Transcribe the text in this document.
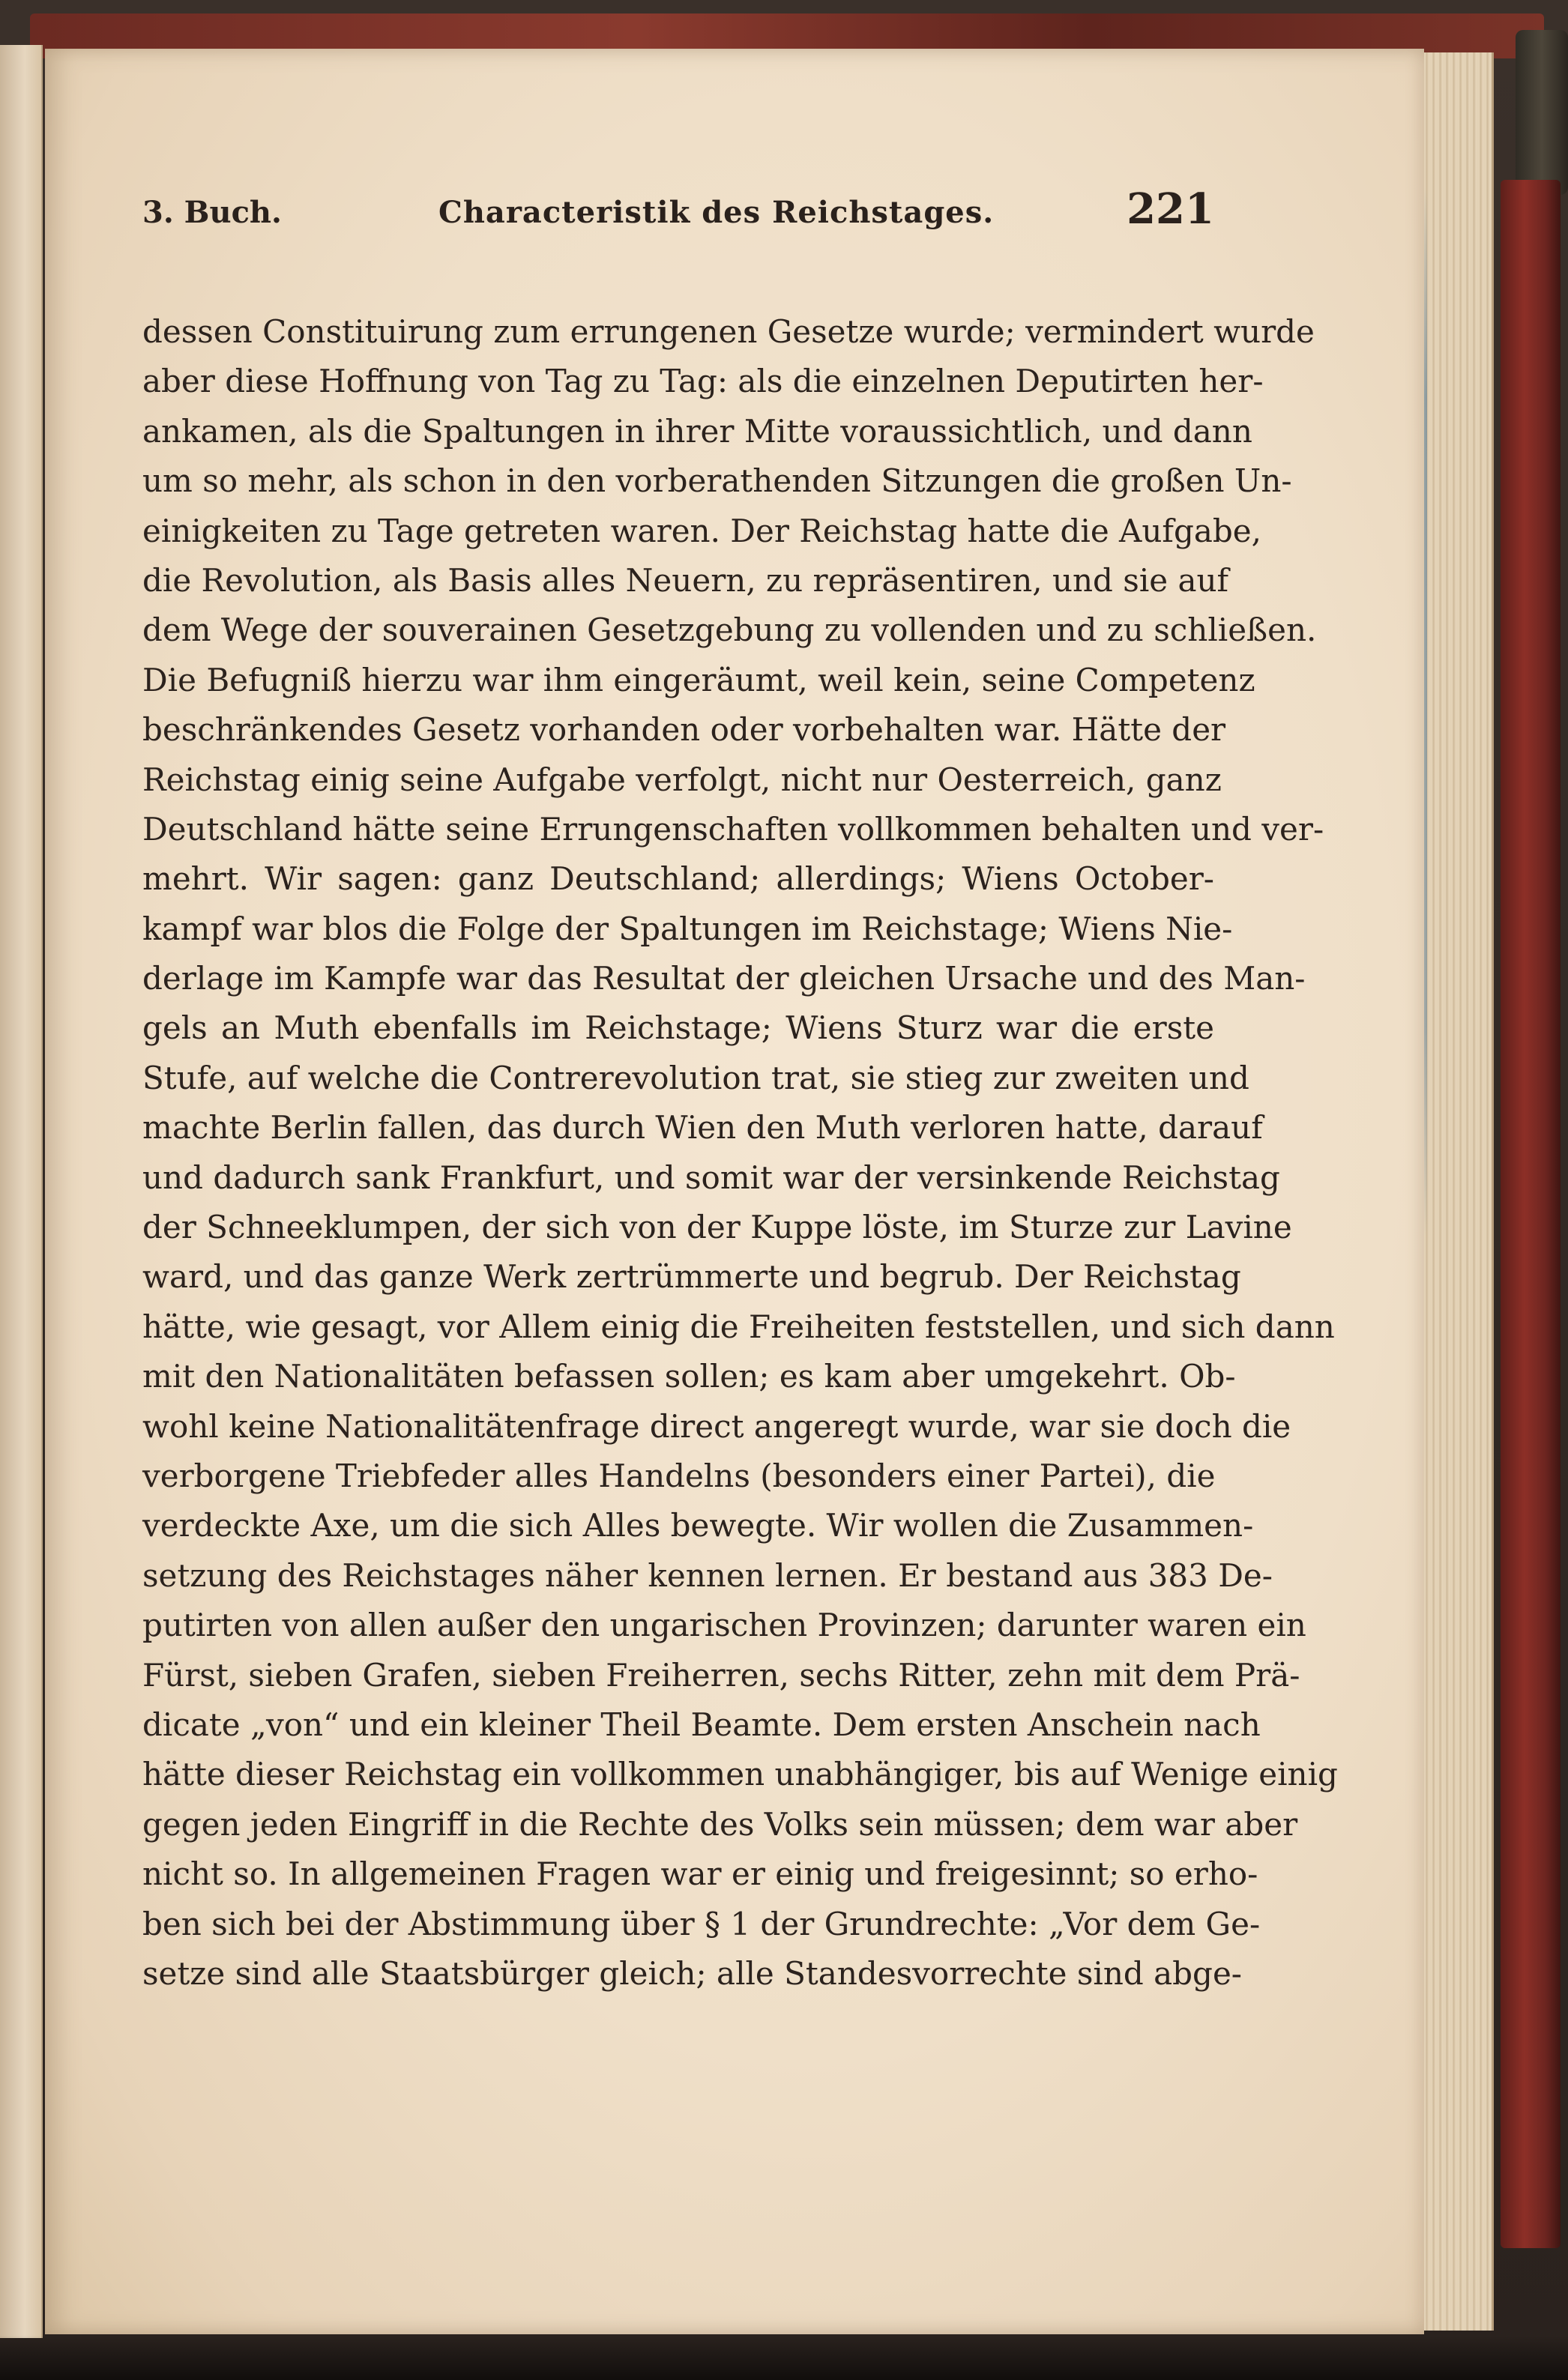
3. Buch.	Characteristik des Reichstages.	221
dessen Constituirung zum errungenen Gesetze wurde; vermindert wurde
aber diese Hoffnung von Tag zu Tag: als die einzelnen Deputirten her-
ankamen, als die Spaltungen in ihrer Mitte voraussichtlich, und dann
um so mehr, als schon in den vorberathenden Sitzungen die großen Un-
einigkeiten zu Tage getreten waren. Der Reichstag hatte die Aufgabe,
die Revolution, als Basis alles Neuern, zu repräsentiren, und sie auf
dem Wege der souverainen Gesetzgebung zu vollenden und zu schließen.
Die Befugniß hierzu war ihm eingeräumt, weil kein, seine Competenz
beschränkendes Gesetz vorhanden oder vorbehalten war. Hätte der
Reichstag einig seine Aufgabe verfolgt, nicht nur Oesterreich, ganz
Deutschland hätte seine Errungenschaften vollkommen behalten und ver-
mehrt. Wir sagen: ganz Deutschland; allerdings; Wiens October-
kampf war blos die Folge der Spaltungen im Reichstage; Wiens Nie-
derlage im Kampfe war das Resultat der gleichen Ursache und des Man-
gels an Muth ebenfalls im Reichstage; Wiens Sturz war die erste
Stufe, auf welche die Contrerevolution trat, sie stieg zur zweiten und
machte Berlin fallen, das durch Wien den Muth verloren hatte, darauf
und dadurch sank Frankfurt, und somit war der versinkende Reichstag
der Schneeklumpen, der sich von der Kuppe löste, im Sturze zur Lavine
ward, und das ganze Werk zertrümmerte und begrub. Der Reichstag
hätte, wie gesagt, vor Allem einig die Freiheiten feststellen, und sich dann
mit den Nationalitäten befassen sollen; es kam aber umgekehrt. Ob-
wohl keine Nationalitätenfrage direct angeregt wurde, war sie doch die
verborgene Triebfeder alles Handelns (besonders einer Partei), die
verdeckte Axe, um die sich Alles bewegte. Wir wollen die Zusammen-
setzung des Reichstages näher kennen lernen. Er bestand aus 383 De-
putirten von allen außer den ungarischen Provinzen; darunter waren ein
Fürst, sieben Grafen, sieben Freiherren, sechs Ritter, zehn mit dem Prä-
dicate „von“ und ein kleiner Theil Beamte. Dem ersten Anschein nach
hätte dieser Reichstag ein vollkommen unabhängiger, bis auf Wenige einig
gegen jeden Eingriff in die Rechte des Volks sein müssen; dem war aber
nicht so. In allgemeinen Fragen war er einig und freigesinnt; so erho-
ben sich bei der Abstimmung über § 1 der Grundrechte: „Vor dem Ge-
setze sind alle Staatsbürger gleich; alle Standesvorrechte sind abge-
